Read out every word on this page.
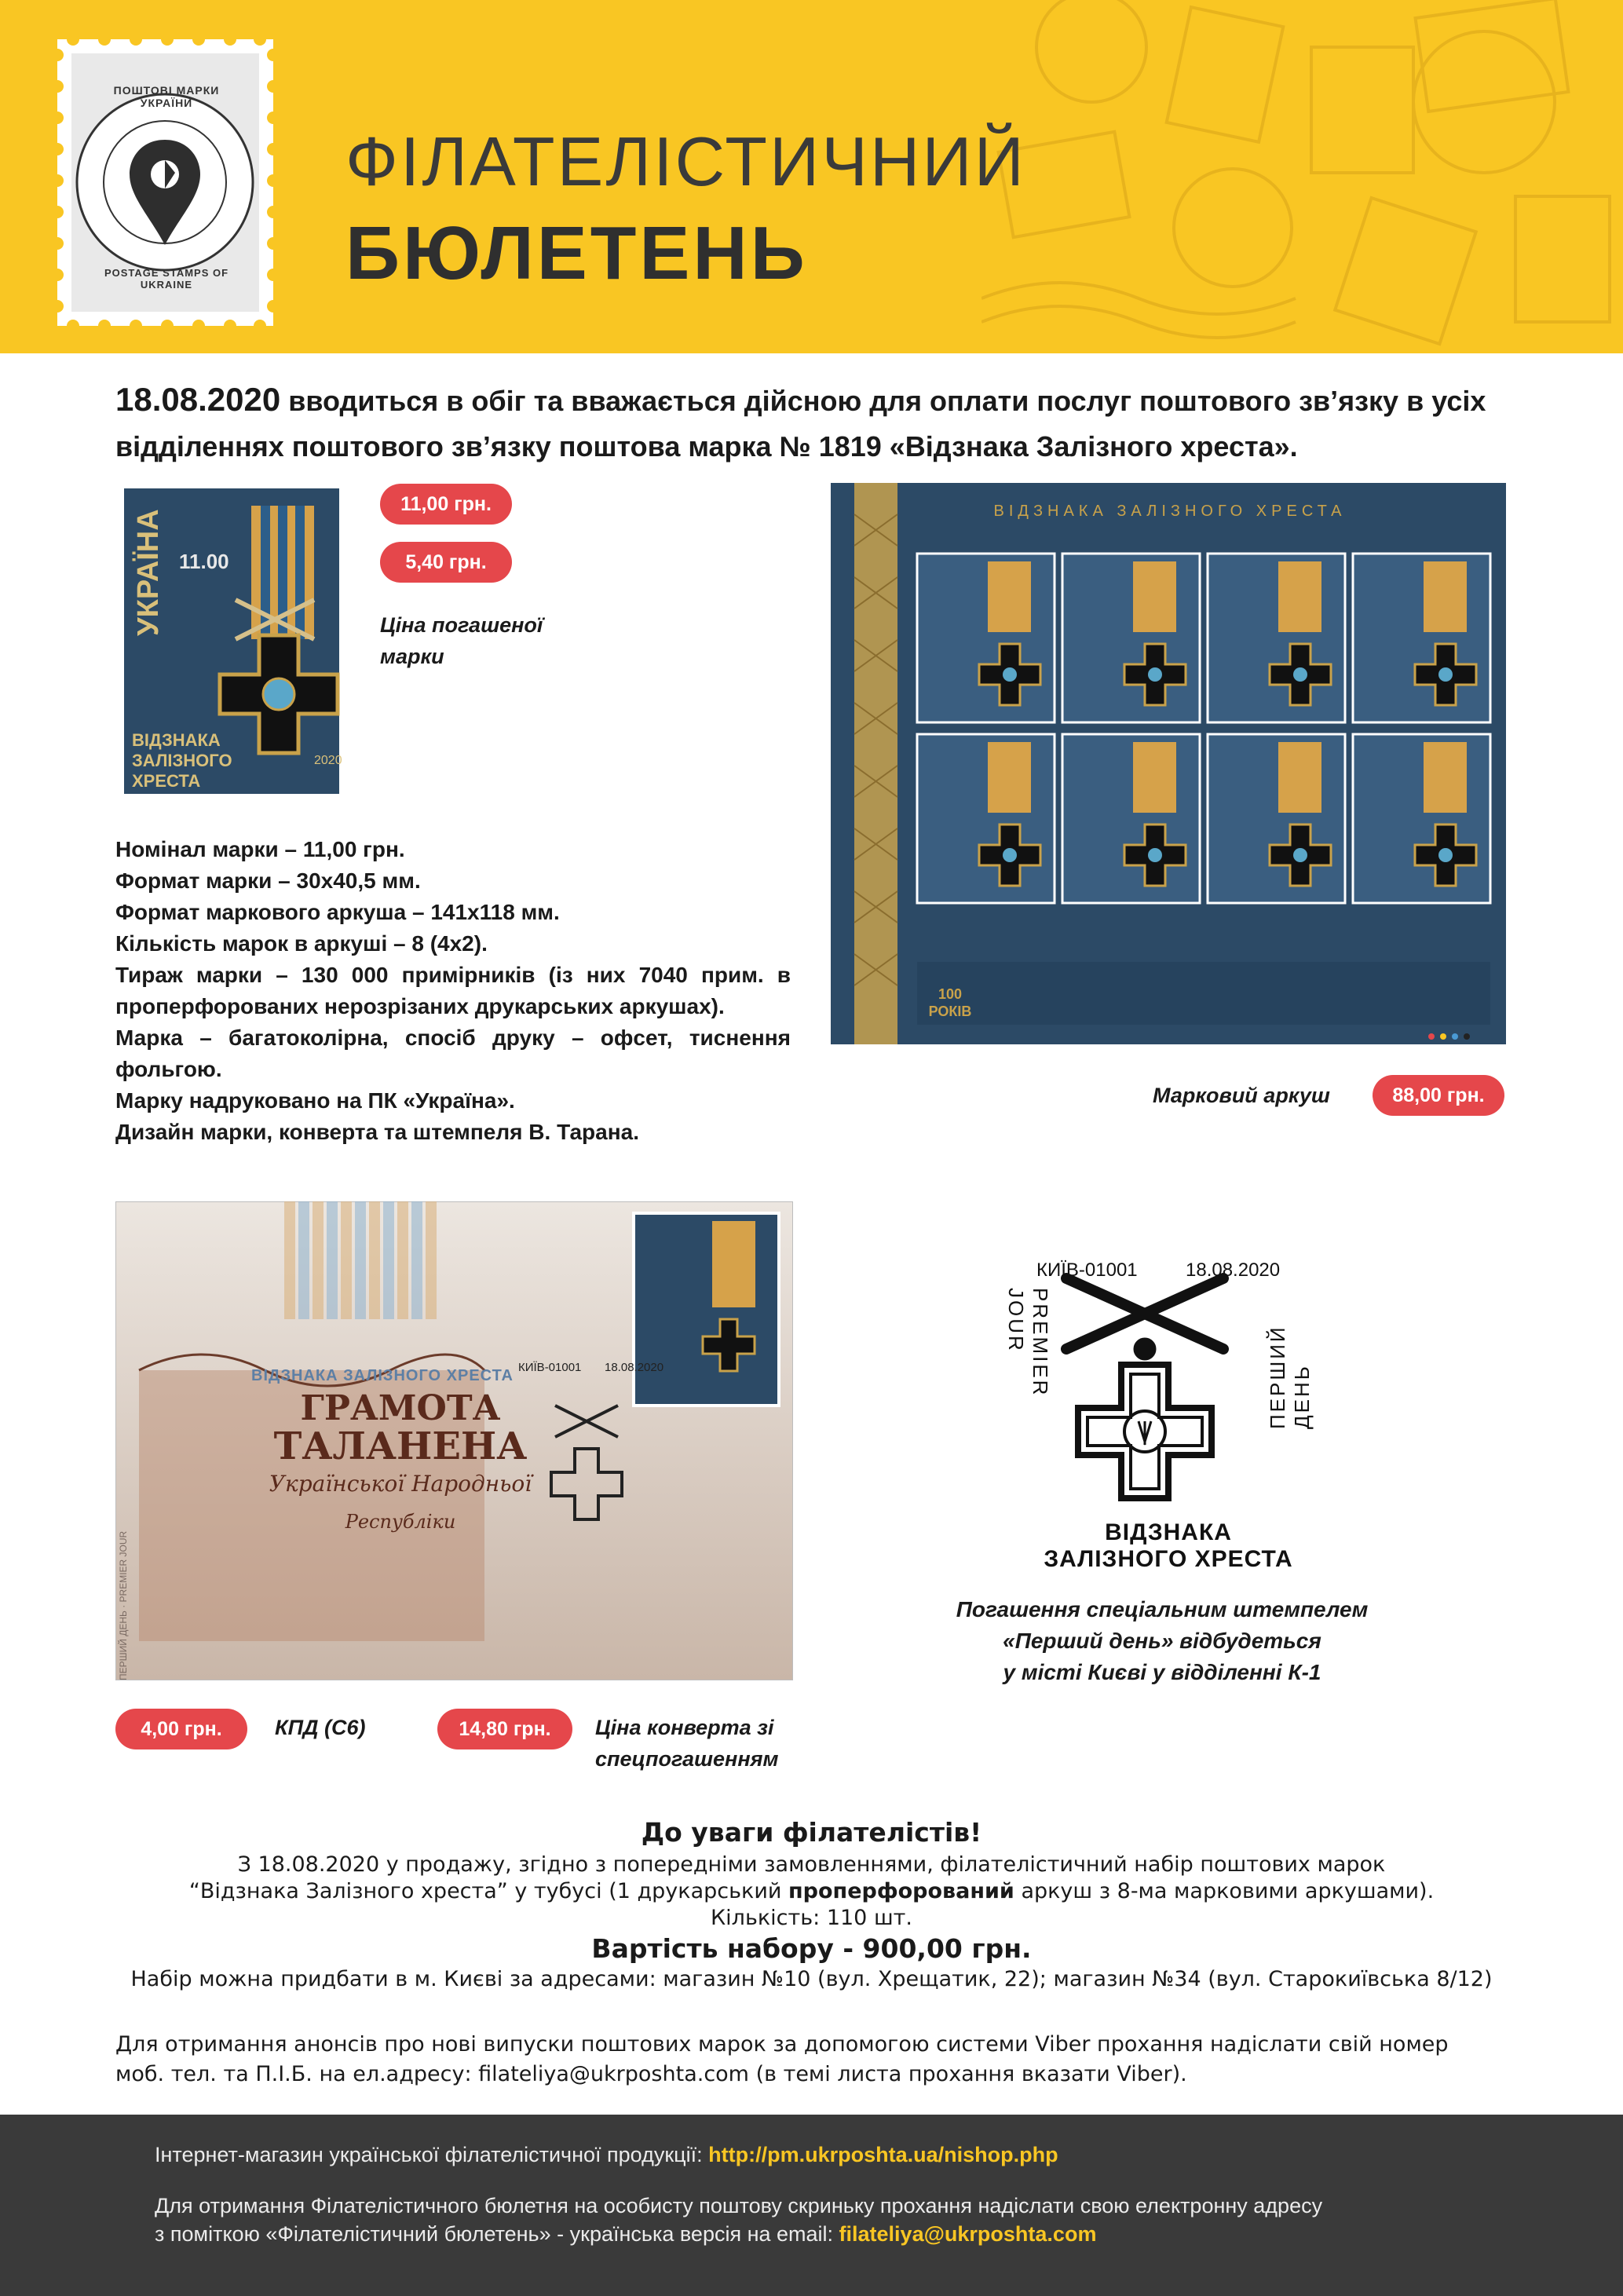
ПОШТОВІ МАРКИ УКРАЇНИ
POSTAGE STAMPS OF UKRAINE
ФІЛАТЕЛІСТИЧНИЙ
БЮЛЕТЕНЬ
18.08.2020 вводиться в обіг та вважається дійсною для оплати послуг поштового зв’язку в усіх відділеннях поштового зв’язку поштова марка № 1819 «Відзнака Залізного хреста».
УКРАЇНА 11.00
ВІДЗНАКА
ЗАЛІЗНОГО
ХРЕСТА
2020
11,00 грн.
5,40 грн.
Ціна погашеної
марки
ВІДЗНАКА ЗАЛІЗНОГО ХРЕСТА
100
РОКІВ
Марковий аркуш	88,00 грн.

Номінал марки – 11,00 грн.

Формат марки – 30х40,5 мм.

Формат маркового аркуша – 141х118 мм.

Кількість марок в аркуші – 8 (4х2).

Тираж марки – 130 000 примірників (із них 7040 прим. в проперфорованих нерозрізаних друкарських аркушах).

Марка – багатоколірна, спосіб друку – офсет, тиснення фольгою.

Марку надруковано на ПК «Україна».

Дизайн марки, конверта та штемпеля В. Тарана.

ВІДЗНАКА ЗАЛІЗНОГО ХРЕСТА КИЇВ-01001 18.08.2020
ГРАМОТА
ТАЛАНЕНА
Української Народньої
Республіки
ПЕРШИЙ ДЕНЬ · PREMIER JOUR
КИЇВ-01001	18.08.2020
PREMIER JOUR
ПЕРШИЙ ДЕНЬ
ВІДЗНАКА ЗАЛІЗНОГО ХРЕСТА
Погашення спеціальним штемпелем
«Перший день» відбудеться
у місті Києві у відділенні К-1
4,00 грн.	КПД (С6)	14,80 грн.	Ціна конверта зі
спецпогашенням

До уваги філателістів!

З 18.08.2020 у продажу, згідно з попередніми замовленнями, філателістичний набір поштових марок

“Відзнака Залізного хреста” у тубусі (1 друкарський проперфорований аркуш з 8-ма марковими аркушами).

Кількість: 110 шт.

Вартість набору - 900,00 грн.

Набір можна придбати в м. Києві за адресами: магазин №10 (вул. Хрещатик, 22); магазин №34 (вул. Старокиївська 8/12)

Для отримання анонсів про нові випуски поштових марок за допомогою системи Viber прохання надіслати свій номер

моб. тел. та П.І.Б. на ел.адресу: filateliya@ukrposhta.com (в темі листа прохання вказати Viber).

Інтернет-магазин української філателістичної продукції: http://pm.ukrposhta.ua/nishop.php
Для отримання Філателістичного бюлетня на особисту поштову скриньку прохання надіслати свою електронну адресу
з поміткою «Філателістичний бюлетень» - українська версія на email: filateliya@ukrposhta.com
